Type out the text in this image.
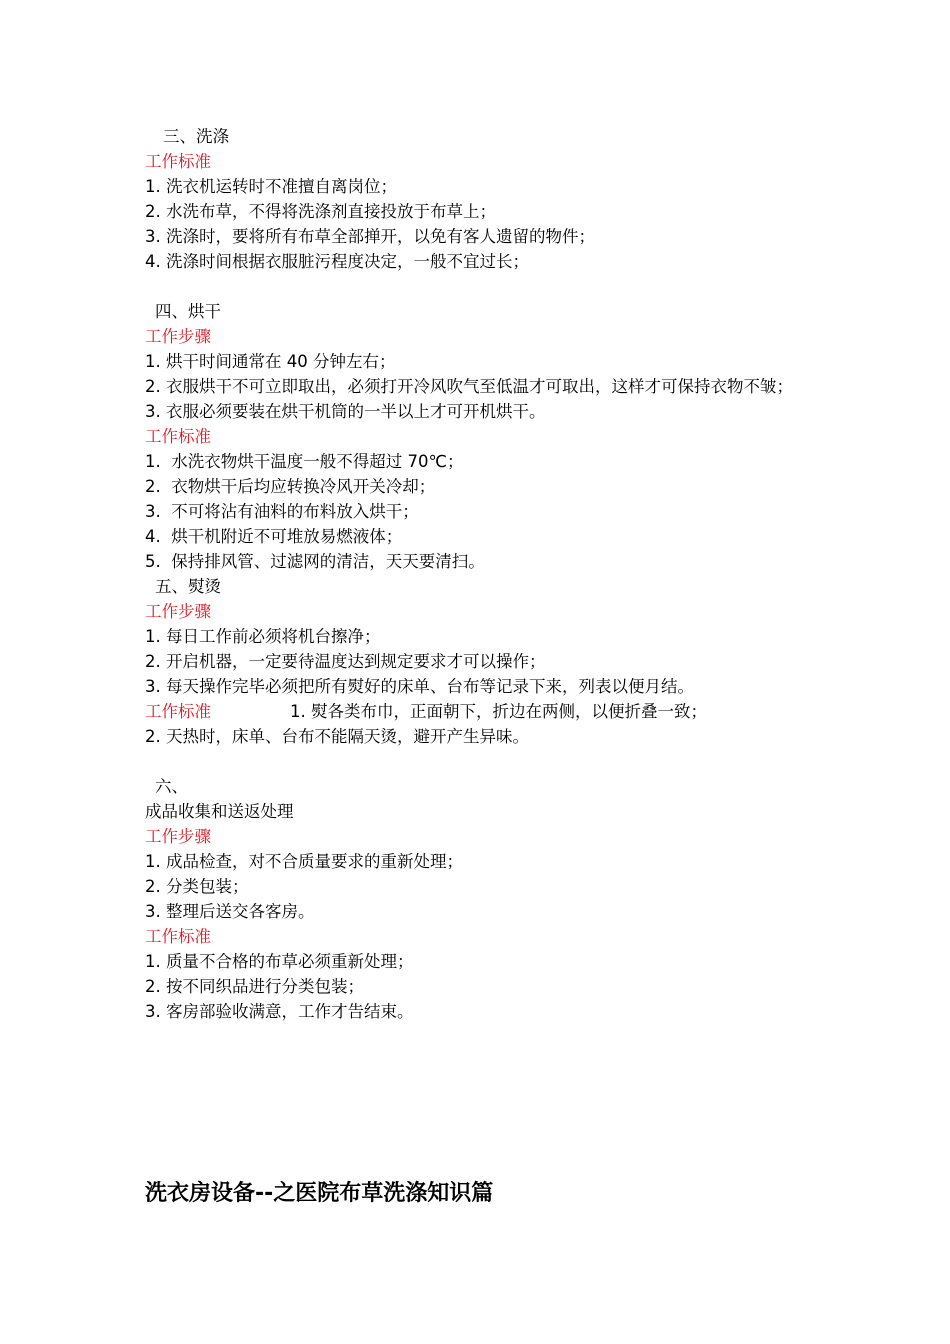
三、洗涤

工作标准

1. 洗衣机运转时不准擅自离岗位；

2. 水洗布草，不得将洗涤剂直接投放于布草上；

3. 洗涤时，要将所有布草全部掸开，以免有客人遗留的物件；

4. 洗涤时间根据衣服脏污程度决定，一般不宜过长；

四、烘干

工作步骤

1. 烘干时间通常在 40 分钟左右；

2. 衣服烘干不可立即取出，必须打开冷风吹气至低温才可取出，这样才可保持衣物不皱；

3. 衣服必须要装在烘干机筒的一半以上才可开机烘干。

工作标准

1.  水洗衣物烘干温度一般不得超过 70℃；

2.  衣物烘干后均应转换冷风开关冷却；

3.  不可将沾有油料的布料放入烘干；

4.  烘干机附近不可堆放易燃液体；

5.  保持排风管、过滤网的清洁，天天要清扫。

五、熨烫

工作步骤

1. 每日工作前必须将机台擦净；

2. 开启机器，一定要待温度达到规定要求才可以操作；

3. 每天操作完毕必须把所有熨好的床单、台布等记录下来，列表以便月结。

工作标准	1. 熨各类布巾，正面朝下，折边在两侧，以便折叠一致；

2. 天热时，床单、台布不能隔天烫，避开产生异味。

六、

成品收集和送返处理

工作步骤

1. 成品检查，对不合质量要求的重新处理；

2. 分类包装；

3. 整理后送交各客房。

工作标准

1. 质量不合格的布草必须重新处理；

2. 按不同织品进行分类包装；

3. 客房部验收满意，工作才告结束。

洗衣房设备--之医院布草洗涤知识篇
